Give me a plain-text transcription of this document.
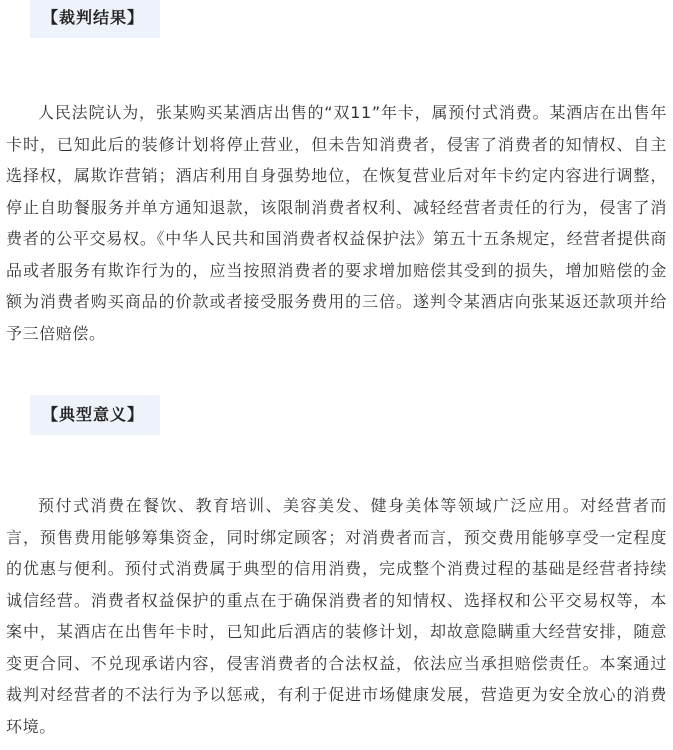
【裁判结果】

人民法院认为，张某购买某酒店出售的“双11”年卡，属预付式消费。某酒店在出售年卡时，已知此后的装修计划将停止营业，但未告知消费者，侵害了消费者的知情权、自主选择权，属欺诈营销；酒店利用自身强势地位，在恢复营业后对年卡约定内容进行调整，停止自助餐服务并单方通知退款，该限制消费者权利、减轻经营者责任的行为，侵害了消费者的公平交易权。《中华人民共和国消费者权益保护法》第五十五条规定，经营者提供商品或者服务有欺诈行为的，应当按照消费者的要求增加赔偿其受到的损失，增加赔偿的金额为消费者购买商品的价款或者接受服务费用的三倍。遂判令某酒店向张某返还款项并给予三倍赔偿。

【典型意义】

预付式消费在餐饮、教育培训、美容美发、健身美体等领域广泛应用。对经营者而言，预售费用能够筹集资金，同时绑定顾客；对消费者而言，预交费用能够享受一定程度的优惠与便利。预付式消费属于典型的信用消费，完成整个消费过程的基础是经营者持续诚信经营。消费者权益保护的重点在于确保消费者的知情权、选择权和公平交易权等，本案中，某酒店在出售年卡时，已知此后酒店的装修计划，却故意隐瞒重大经营安排，随意变更合同、不兑现承诺内容，侵害消费者的合法权益，依法应当承担赔偿责任。本案通过裁判对经营者的不法行为予以惩戒，有利于促进市场健康发展，营造更为安全放心的消费环境。
